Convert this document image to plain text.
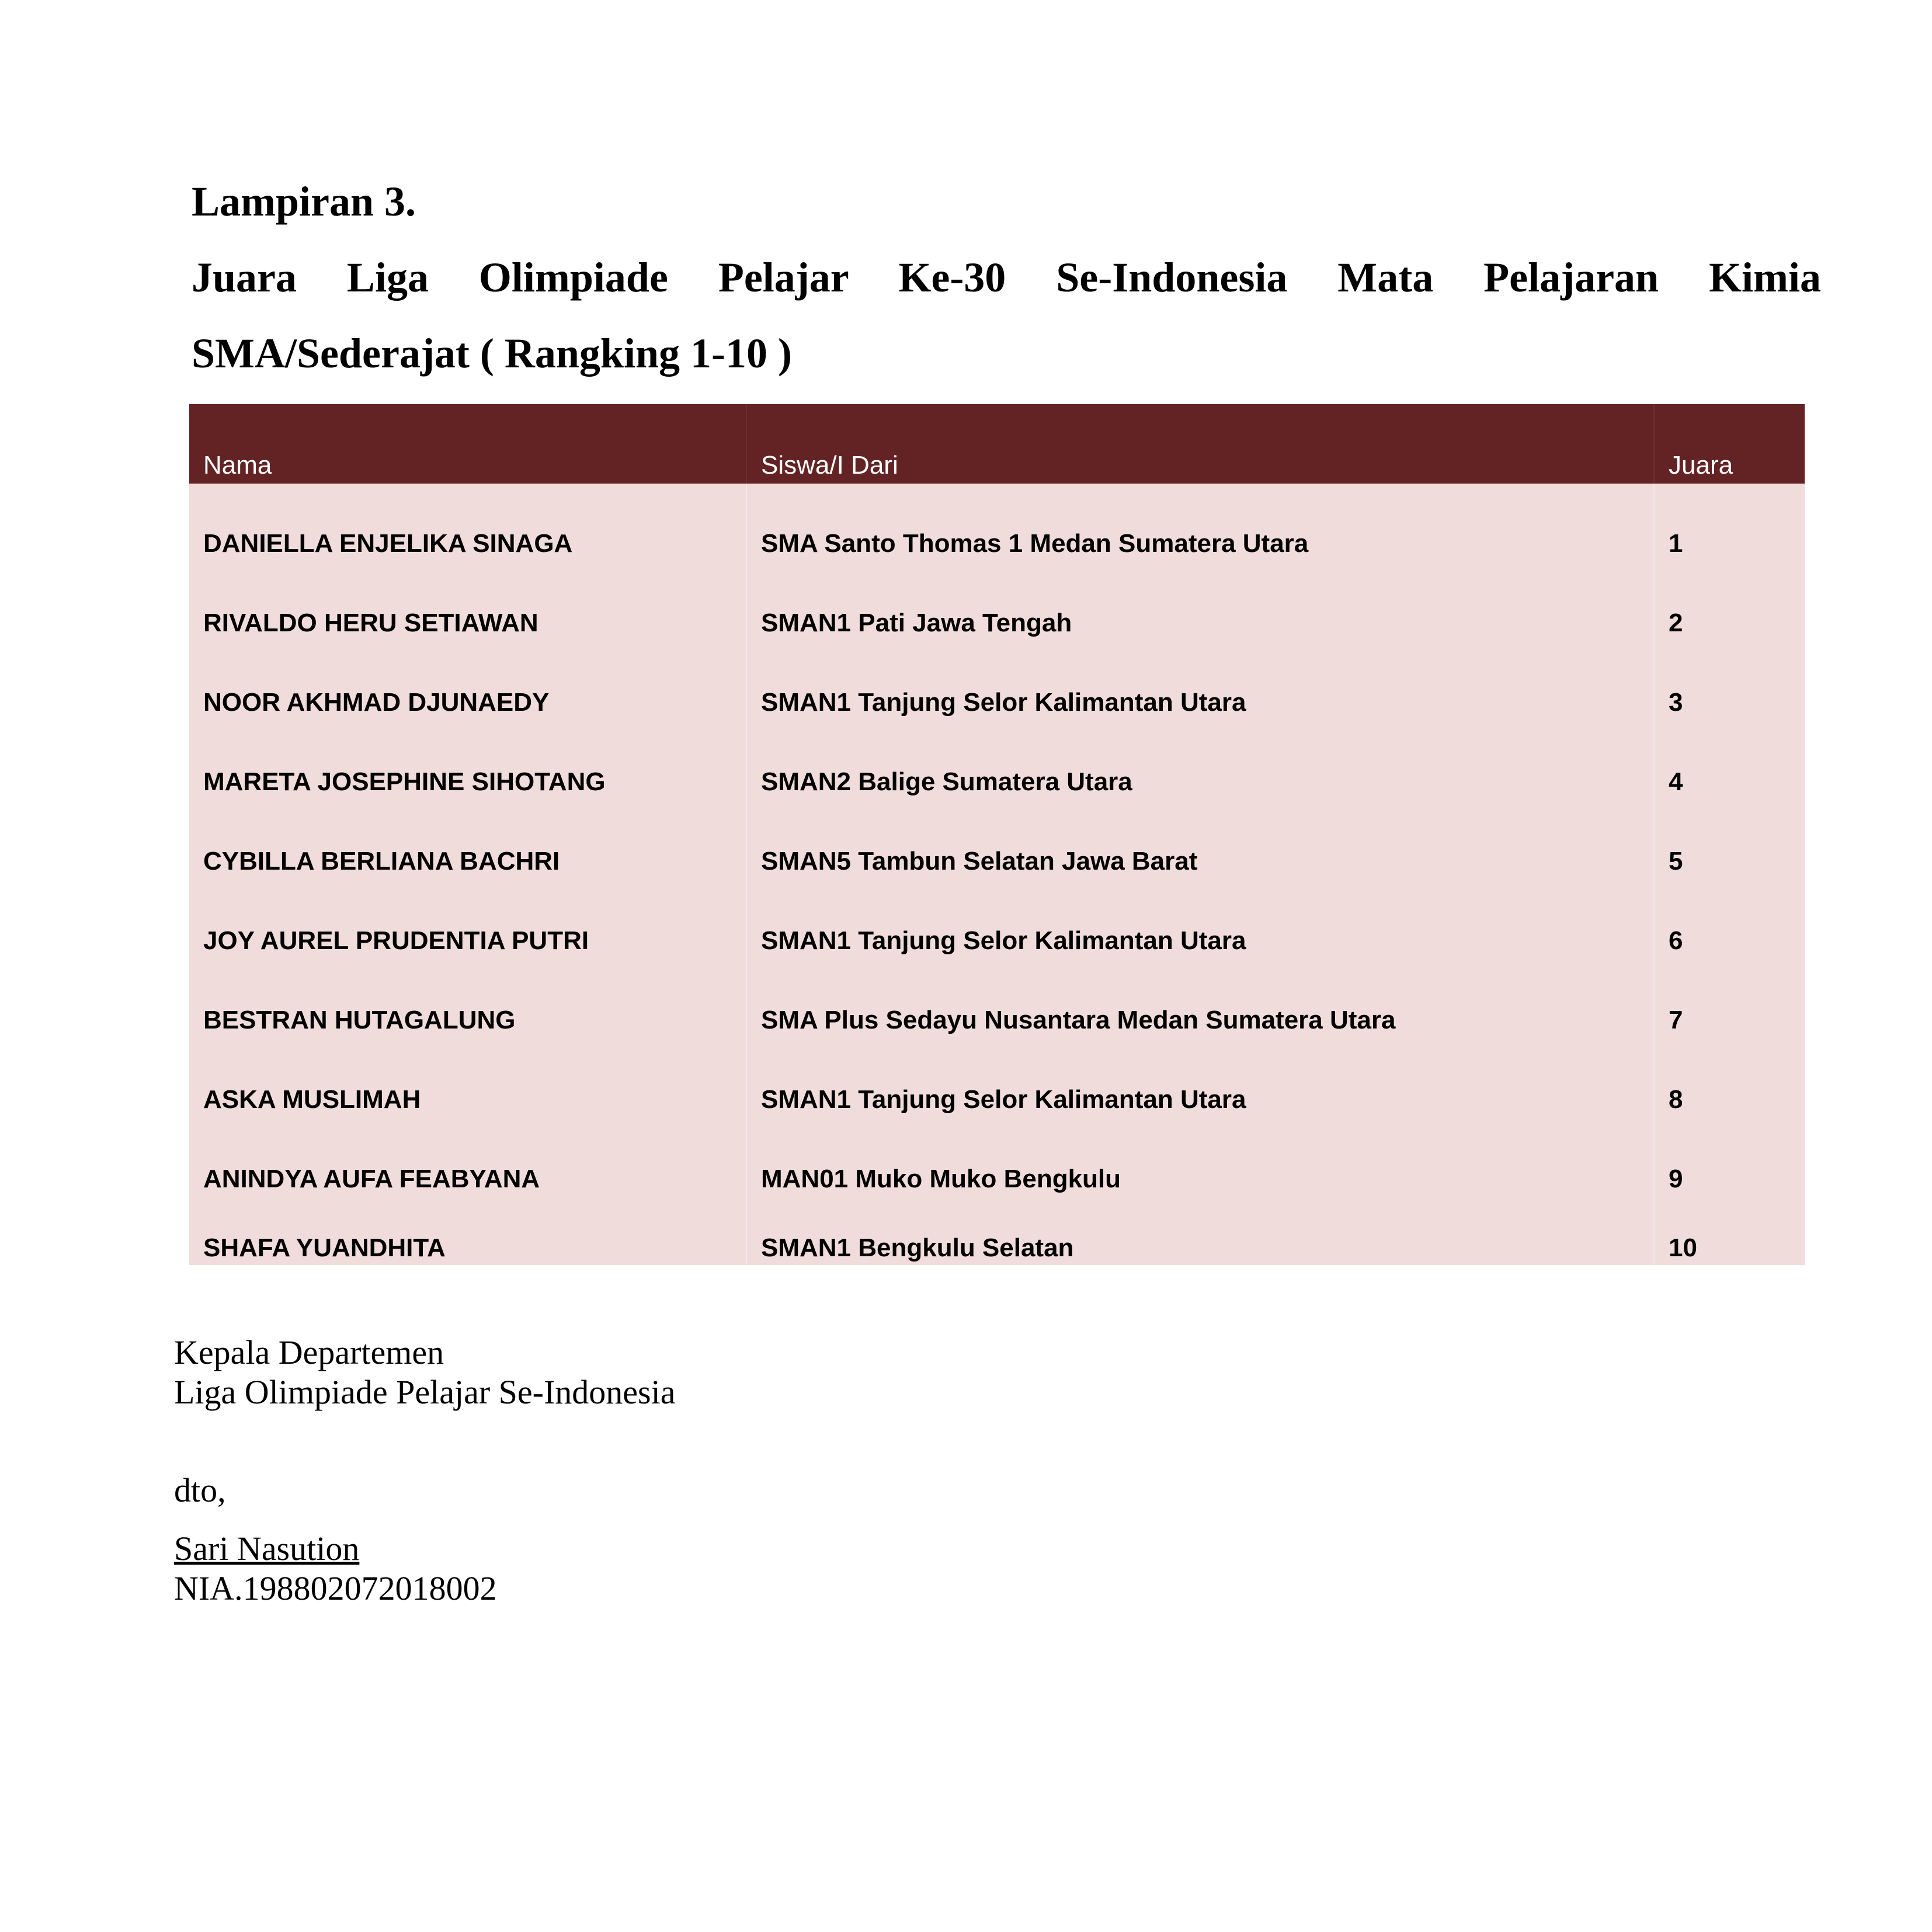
Lampiran 3.
Juara Liga Olimpiade Pelajar Ke-30 Se-Indonesia Mata Pelajaran Kimia
SMA/Sederajat ( Rangking 1-10 )
Nama	Siswa/I Dari	Juara
DANIELLA ENJELIKA SINAGA	SMA Santo Thomas 1 Medan Sumatera Utara	1
RIVALDO HERU SETIAWAN	SMAN1 Pati Jawa Tengah	2
NOOR AKHMAD DJUNAEDY	SMAN1 Tanjung Selor Kalimantan Utara	3
MARETA JOSEPHINE SIHOTANG	SMAN2 Balige Sumatera Utara	4
CYBILLA BERLIANA BACHRI	SMAN5 Tambun Selatan Jawa Barat	5
JOY AUREL PRUDENTIA PUTRI	SMAN1 Tanjung Selor Kalimantan Utara	6
BESTRAN HUTAGALUNG	SMA Plus Sedayu Nusantara Medan Sumatera Utara	7
ASKA MUSLIMAH	SMAN1 Tanjung Selor Kalimantan Utara	8
ANINDYA AUFA FEABYANA	MAN01 Muko Muko Bengkulu	9
SHAFA YUANDHITA	SMAN1 Bengkulu Selatan	10
Kepala Departemen
Liga Olimpiade Pelajar Se-Indonesia
dto,
Sari Nasution
NIA.198802072018002
